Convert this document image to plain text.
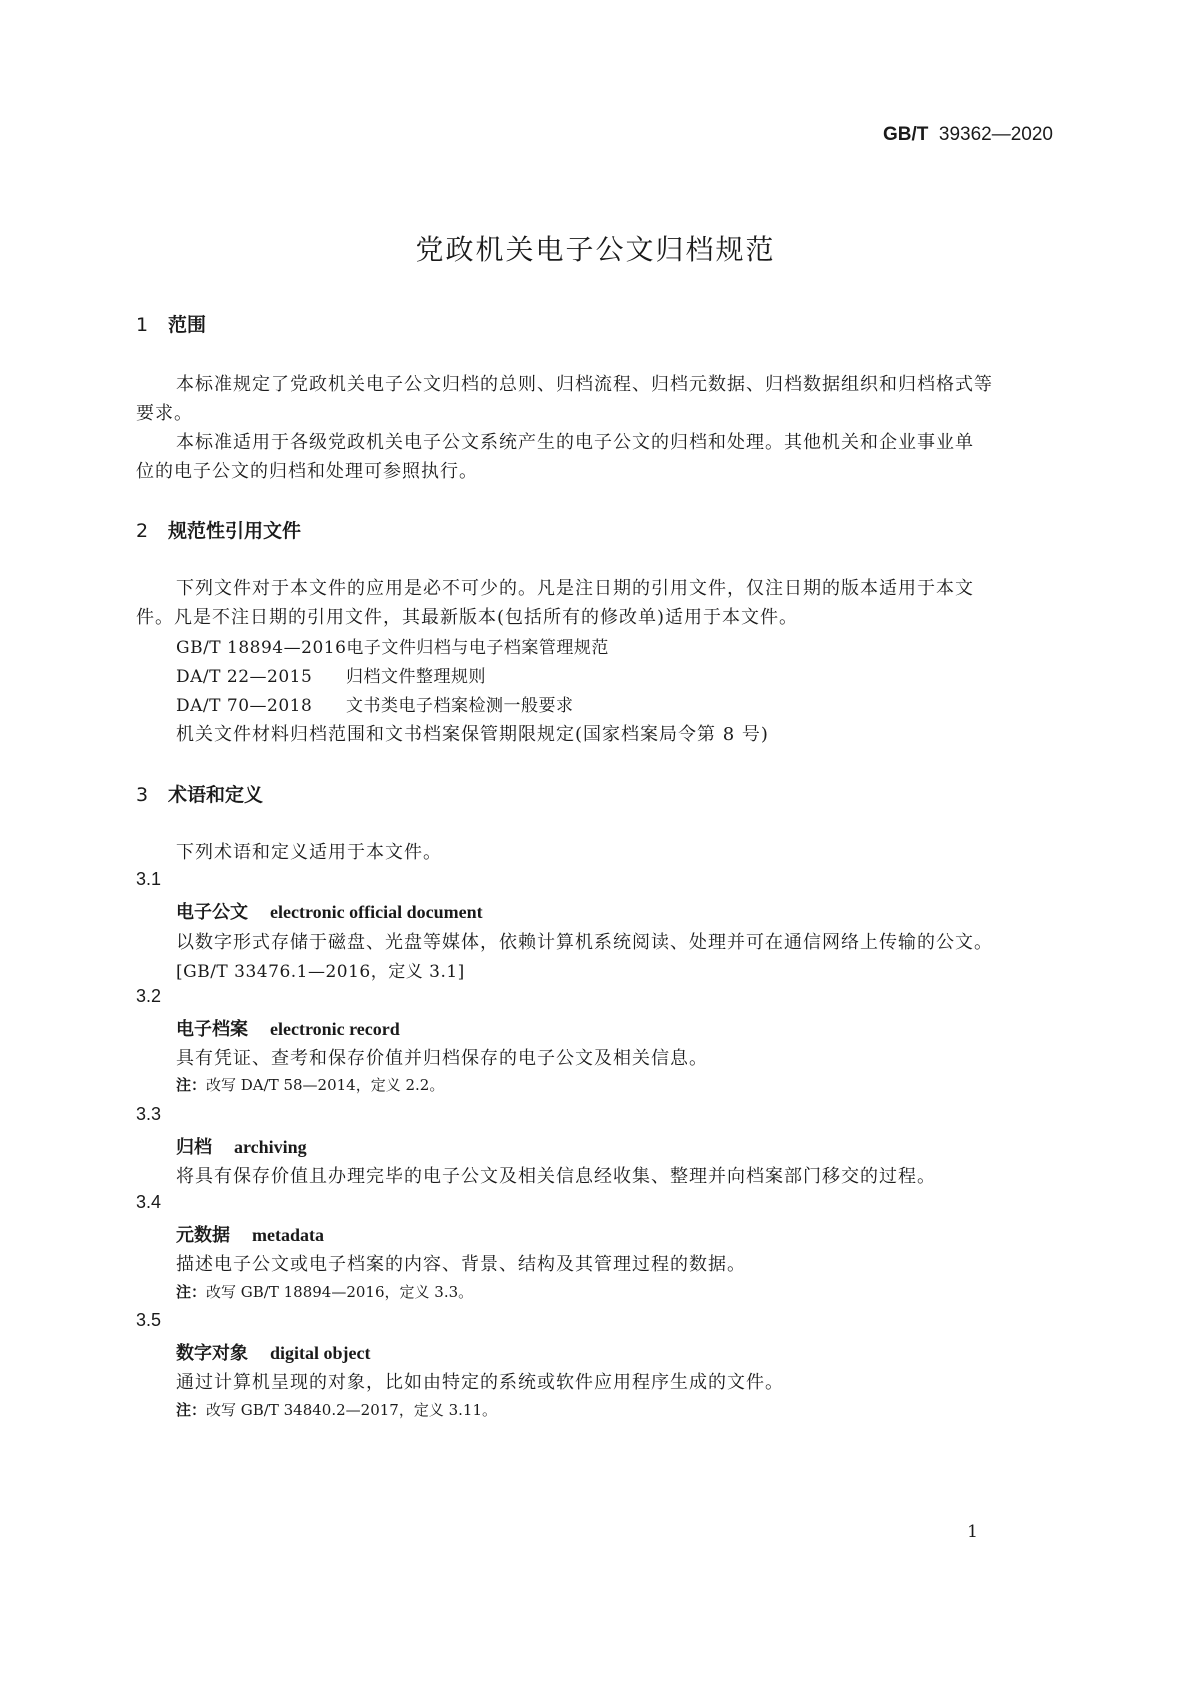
GB/T 39362—2020
党政机关电子公文归档规范
1 范围
本标准规定了党政机关电子公文归档的总则、归档流程、归档元数据、归档数据组织和归档格式等
要求。
本标准适用于各级党政机关电子公文系统产生的电子公文的归档和处理。其他机关和企业事业单
位的电子公文的归档和处理可参照执行。
2 规范性引用文件
下列文件对于本文件的应用是必不可少的。凡是注日期的引用文件，仅注日期的版本适用于本文
件。凡是不注日期的引用文件，其最新版本(包括所有的修改单)适用于本文件。
GB/T 18894—2016电子文件归档与电子档案管理规范
DA/T 22—2015 归档文件整理规则
DA/T 70—2018 文书类电子档案检测一般要求
机关文件材料归档范围和文书档案保管期限规定(国家档案局令第 8 号)
3 术语和定义
下列术语和定义适用于本文件。
3.1
电子公文 electronic official document
以数字形式存储于磁盘、光盘等媒体，依赖计算机系统阅读、处理并可在通信网络上传输的公文。
[GB/T 33476.1—2016，定义 3.1]
3.2
电子档案 electronic record
具有凭证、查考和保存价值并归档保存的电子公文及相关信息。
注：改写 DA/T 58—2014，定义 2.2。
3.3
归档 archiving
将具有保存价值且办理完毕的电子公文及相关信息经收集、整理并向档案部门移交的过程。
3.4
元数据 metadata
描述电子公文或电子档案的内容、背景、结构及其管理过程的数据。
注：改写 GB/T 18894—2016，定义 3.3。
3.5
数字对象 digital object
通过计算机呈现的对象，比如由特定的系统或软件应用程序生成的文件。
注：改写 GB/T 34840.2—2017，定义 3.11。
1
